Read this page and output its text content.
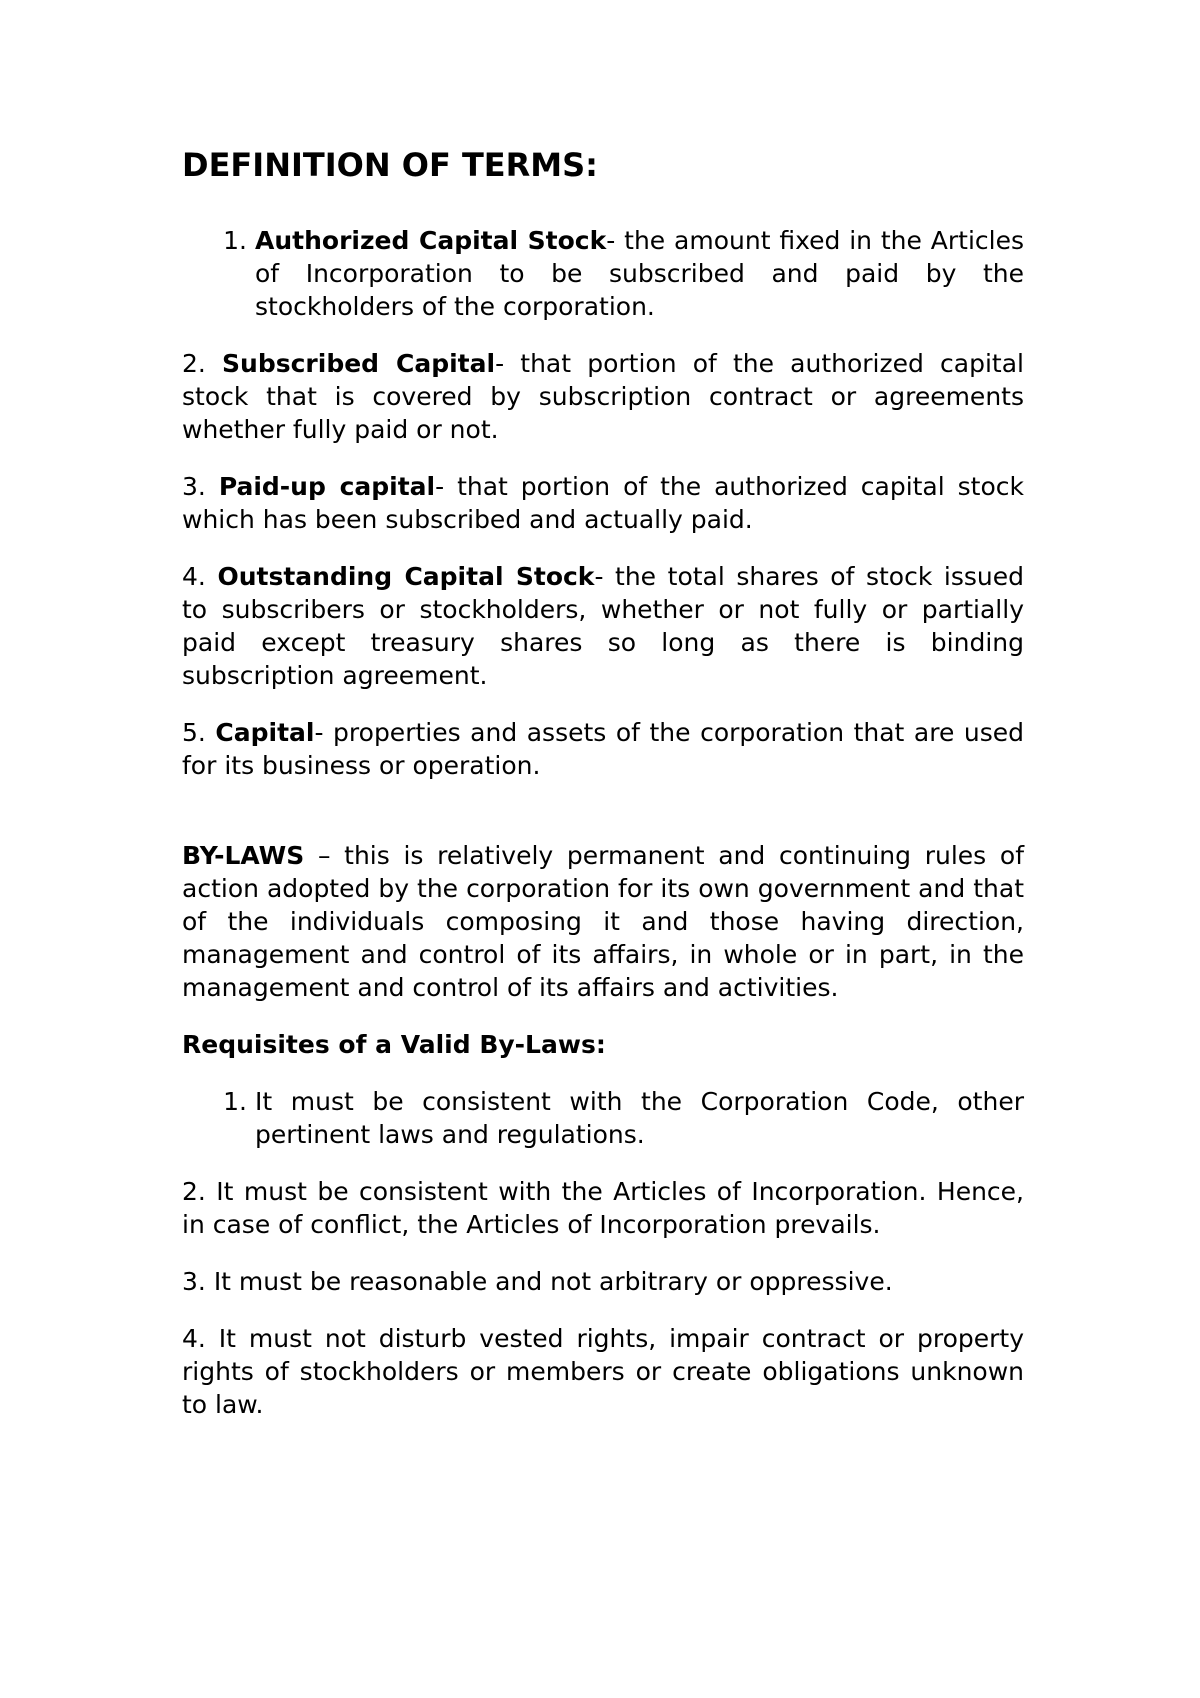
DEFINITION OF TERMS:
1. Authorized Capital Stock- the amount fixed in the Articles of Incorporation to be subscribed and paid by the stockholders of the corporation.
2. Subscribed Capital- that portion of the authorized capital stock that is covered by subscription contract or agreements whether fully paid or not.
3. Paid-up capital- that portion of the authorized capital stock which has been subscribed and actually paid.
4. Outstanding Capital Stock- the total shares of stock issued to subscribers or stockholders, whether or not fully or partially paid except treasury shares so long as there is binding subscription agreement.
5. Capital- properties and assets of the corporation that are used for its business or operation.
BY-LAWS – this is relatively permanent and continuing rules of action adopted by the corporation for its own government and that of the individuals composing it and those having direction, management and control of its affairs, in whole or in part, in the management and control of its affairs and activities.
Requisites of a Valid By-Laws:
1. It must be consistent with the Corporation Code, other pertinent laws and regulations.
2. It must be consistent with the Articles of Incorporation. Hence, in case of conflict, the Articles of Incorporation prevails.
3. It must be reasonable and not arbitrary or oppressive.
4. It must not disturb vested rights, impair contract or property rights of stockholders or members or create obligations unknown to law.
